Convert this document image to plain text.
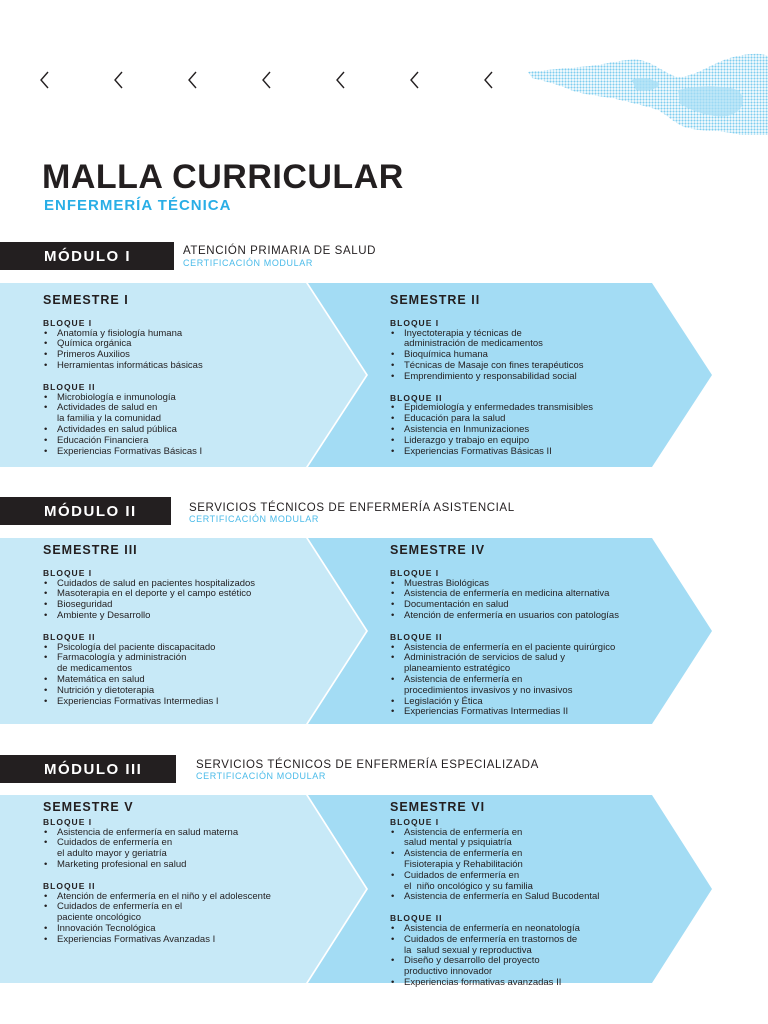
MALLA CURRICULAR
ENFERMERÍA TÉCNICA
MÓDULO I	ATENCIÓN PRIMARIA DE SALUD
CERTIFICACIÓN MODULAR
SEMESTRE I
BLOQUE I
• Anatomía y fisiología humana
• Química orgánica
• Primeros Auxilios
• Herramientas informáticas básicas
BLOQUE II
• Microbiología e inmunología
• Actividades de salud en
la familia y la comunidad
• Actividades en salud pública
• Educación Financiera
• Experiencias Formativas Básicas I
SEMESTRE II
BLOQUE I
• Inyectoterapia y técnicas de
administración de medicamentos
• Bioquímica humana
• Técnicas de Masaje con fines terapéuticos
• Emprendimiento y responsabilidad social
BLOQUE II
• Epidemiología y enfermedades transmisibles
• Educación para la salud
• Asistencia en Inmunizaciones
• Liderazgo y trabajo en equipo
• Experiencias Formativas Básicas II
MÓDULO II	SERVICIOS TÉCNICOS DE ENFERMERÍA ASISTENCIAL
CERTIFICACIÓN MODULAR
SEMESTRE III
BLOQUE I
• Cuidados de salud en pacientes hospitalizados
• Masoterapia en el deporte y el campo estético
• Bioseguridad
• Ambiente y Desarrollo
BLOQUE II
• Psicología del paciente discapacitado
• Farmacología y administración
de medicamentos
• Matemática en salud
• Nutrición y dietoterapia
• Experiencias Formativas Intermedias I
SEMESTRE IV
BLOQUE I
• Muestras Biológicas
• Asistencia de enfermería en medicina alternativa
• Documentación en salud
• Atención de enfermería en usuarios con patologías
BLOQUE II
• Asistencia de enfermería en el paciente quirúrgico
• Administración de servicios de salud y
planeamiento estratégico
• Asistencia de enfermería en
procedimientos invasivos y no invasivos
• Legislación y Ética
• Experiencias Formativas Intermedias II
MÓDULO III	SERVICIOS TÉCNICOS DE ENFERMERÍA ESPECIALIZADA
CERTIFICACIÓN MODULAR
SEMESTRE V
BLOQUE I
• Asistencia de enfermería en salud materna
• Cuidados de enfermería en
el adulto mayor y geriatría
• Marketing profesional en salud
BLOQUE II
• Atención de enfermería en el niño y el adolescente
• Cuidados de enfermería en el
paciente oncológico
• Innovación Tecnológica
• Experiencias Formativas Avanzadas I
SEMESTRE VI
BLOQUE I
• Asistencia de enfermería en
salud mental y psiquiatría
• Asistencia de enfermería en
Fisioterapia y Rehabilitación
• Cuidados de enfermería en
el  niño oncológico y su familia
• Asistencia de enfermería en Salud Bucodental
BLOQUE II
• Asistencia de enfermería en neonatología
• Cuidados de enfermería en trastornos de
la  salud sexual y reproductiva
• Diseño y desarrollo del proyecto
productivo innovador
• Experiencias formativas avanzadas II
